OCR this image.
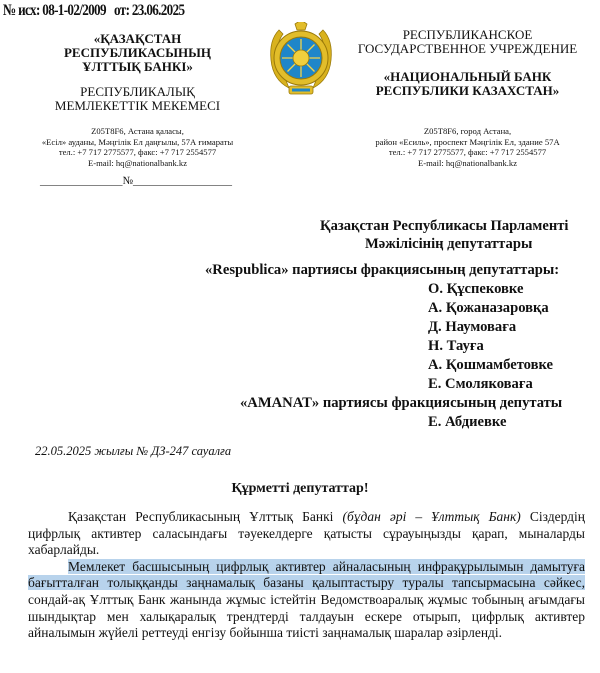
№ исх: 08-1-02/2009 от: 23.06.2025
«ҚАЗАҚСТАН
РЕСПУБЛИКАСЫНЫҢ
ҰЛТТЫҚ БАНКІ»
РЕСПУБЛИКАЛЫҚ
МЕМЛЕКЕТТІК МЕКЕМЕСІ
Z05T8F6, Астана қаласы,
«Есіл» ауданы, Мәңгілік Ел даңғылы, 57А ғимараты
тел.: +7 717 2775577, факс: +7 717 2554577
E-mail: hq@nationalbank.kz
_______________№__________________
РЕСПУБЛИКАНСКОЕ
ГОСУДАРСТВЕННОЕ УЧРЕЖДЕНИЕ
«НАЦИОНАЛЬНЫЙ БАНК
РЕСПУБЛИКИ КАЗАХСТАН»
Z05T8F6, город Астана,
район «Есиль», проспект Мәңгілік Ел, здание 57А
тел.: +7 717 2775577, факс: +7 717 2554577
E-mail: hq@nationalbank.kz
Қазақстан Республикасы Парламенті
Мәжілісінің депутаттары
«Respublica» партиясы фракциясының депутаттары:
О. Құспековке
А. Қожаназаровқа
Д. Наумоваға
Н. Тауға
А. Қошмамбетовке
Е. Смоляковаға
«AMANAT» партиясы фракциясының депутаты
Е. Абдиевке
22.05.2025 жылғы № ДЗ-247 сауалға
Құрметті депутаттар!

Қазақстан Республикасының Ұлттық Банкі (бұдан әрі – Ұлттық Банк) Сіздердің цифрлық активтер саласындағы тәуекелдерге қатысты сұрауыңызды қарап, мыналарды хабарлайды.

Мемлекет басшысының цифрлық активтер айналасының инфрақұрылымын дамытуға бағытталған толыққанды заңнамалық базаны қалыптастыру туралы тапсырмасына сәйкес, сондай-ақ Ұлттық Банк жанында жұмыс істейтін Ведомствоаралық жұмыс тобының ағымдағы шындықтар мен халықаралық трендтерді талдауын ескере отырып, цифрлық активтер айналымын жүйелі реттеуді енгізу бойынша тиісті заңнамалық шаралар әзірленді.
